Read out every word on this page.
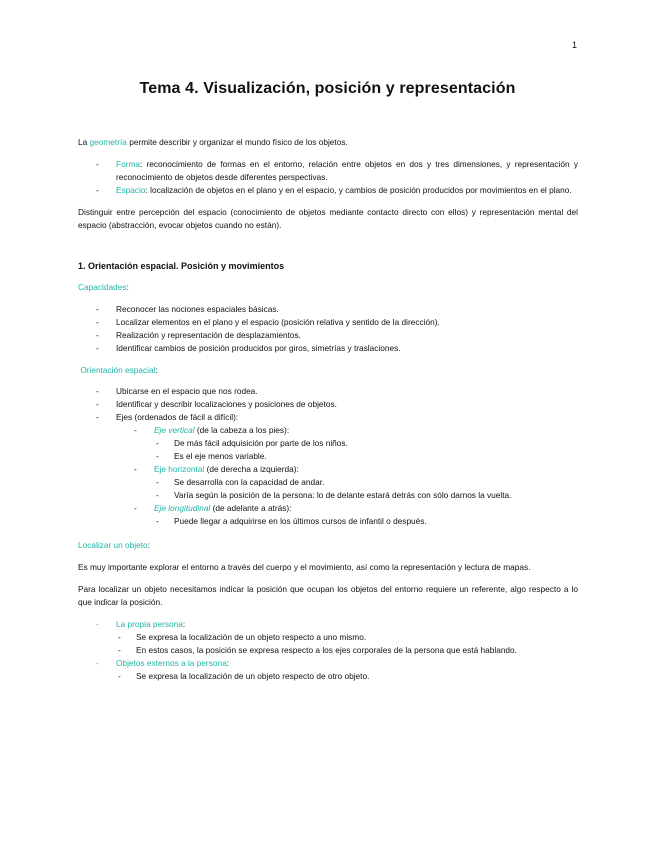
1
Tema 4. Visualización, posición y representación

La geometría permite describir y organizar el mundo físico de los objetos.

- Forma: reconocimiento de formas en el entorno, relación entre objetos en dos y tres dimensiones, y representación y reconocimiento de objetos desde diferentes perspectivas.
- Espacio: localización de objetos en el plano y en el espacio, y cambios de posición producidos por movimientos en el plano.

Distinguir entre percepción del espacio (conocimiento de objetos mediante contacto directo con ellos) y representación mental del espacio (abstracción, evocar objetos cuando no están).

1. Orientación espacial. Posición y movimientos

Capacidades:

- Reconocer las nociones espaciales básicas.
- Localizar elementos en el plano y el espacio (posición relativa y sentido de la dirección).
- Realización y representación de desplazamientos.
- Identificar cambios de posición producidos por giros, simetrías y traslaciones.

Orientación espacial:

- Ubicarse en el espacio que nos rodea.
- Identificar y describir localizaciones y posiciones de objetos.
- Ejes (ordenados de fácil a difícil):
- Eje vertical (de la cabeza a los pies):
- De más fácil adquisición por parte de los niños.
- Es el eje menos variable.
- Eje horizontal (de derecha a izquierda):
- Se desarrolla con la capacidad de andar.
- Varía según la posición de la persona: lo de delante estará detrás con sólo darnos la vuelta.
- Eje longitudinal (de adelante a atrás):
- Puede llegar a adquirirse en los últimos cursos de infantil o después.

Localizar un objeto:

Es muy importante explorar el entorno a través del cuerpo y el movimiento, así como la representación y lectura de mapas.

Para localizar un objeto necesitamos indicar la posición que ocupan los objetos del entorno requiere un referente, algo respecto a lo que indicar la posición.

- La propia persona:
- Se expresa la localización de un objeto respecto a uno mismo.
- En estos casos, la posición se expresa respecto a los ejes corporales de la persona que está hablando.
- Objetos externos a la persona:
- Se expresa la localización de un objeto respecto de otro objeto.
